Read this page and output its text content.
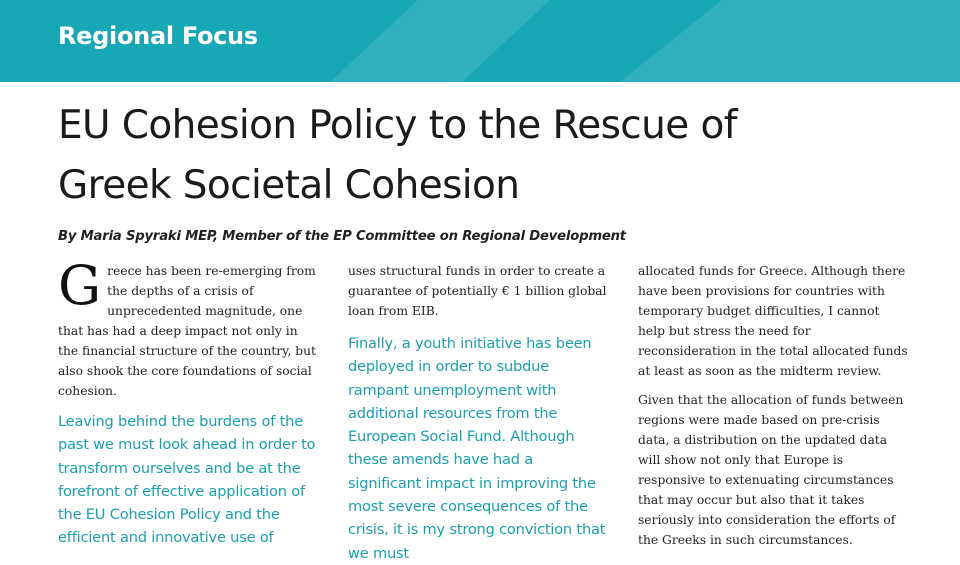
Regional Focus
EU Cohesion Policy to the Rescue of
Greek Societal Cohesion

By Maria Spyraki MEP, Member of the EP Committee on Regional Development

Greece has been re-emerging from the depths of a crisis of unprecedented magnitude, one that has had a deep impact not only in the financial structure of the country, but also shook the core foundations of social cohesion.

Leaving behind the burdens of the past we must look ahead in order to transform ourselves and be at the forefront of effective application of the EU Cohesion Policy and the efficient and innovative use of

uses structural funds in order to create a guarantee of potentially € 1 billion global loan from EIB.

Finally, a youth initiative has been deployed in order to subdue rampant unemployment with additional resources from the European Social Fund. Although these amends have had a significant impact in improving the most severe consequences of the crisis, it is my strong conviction that we must

allocated funds for Greece. Although there have been provisions for countries with temporary budget difficulties, I cannot help but stress the need for reconsideration in the total allocated funds at least as soon as the midterm review.

Given that the allocation of funds between regions were made based on pre-crisis data, a distribution on the updated data will show not only that Europe is responsive to extenuating circumstances that may occur but also that it takes seriously into consideration the efforts of the Greeks in such circumstances.
